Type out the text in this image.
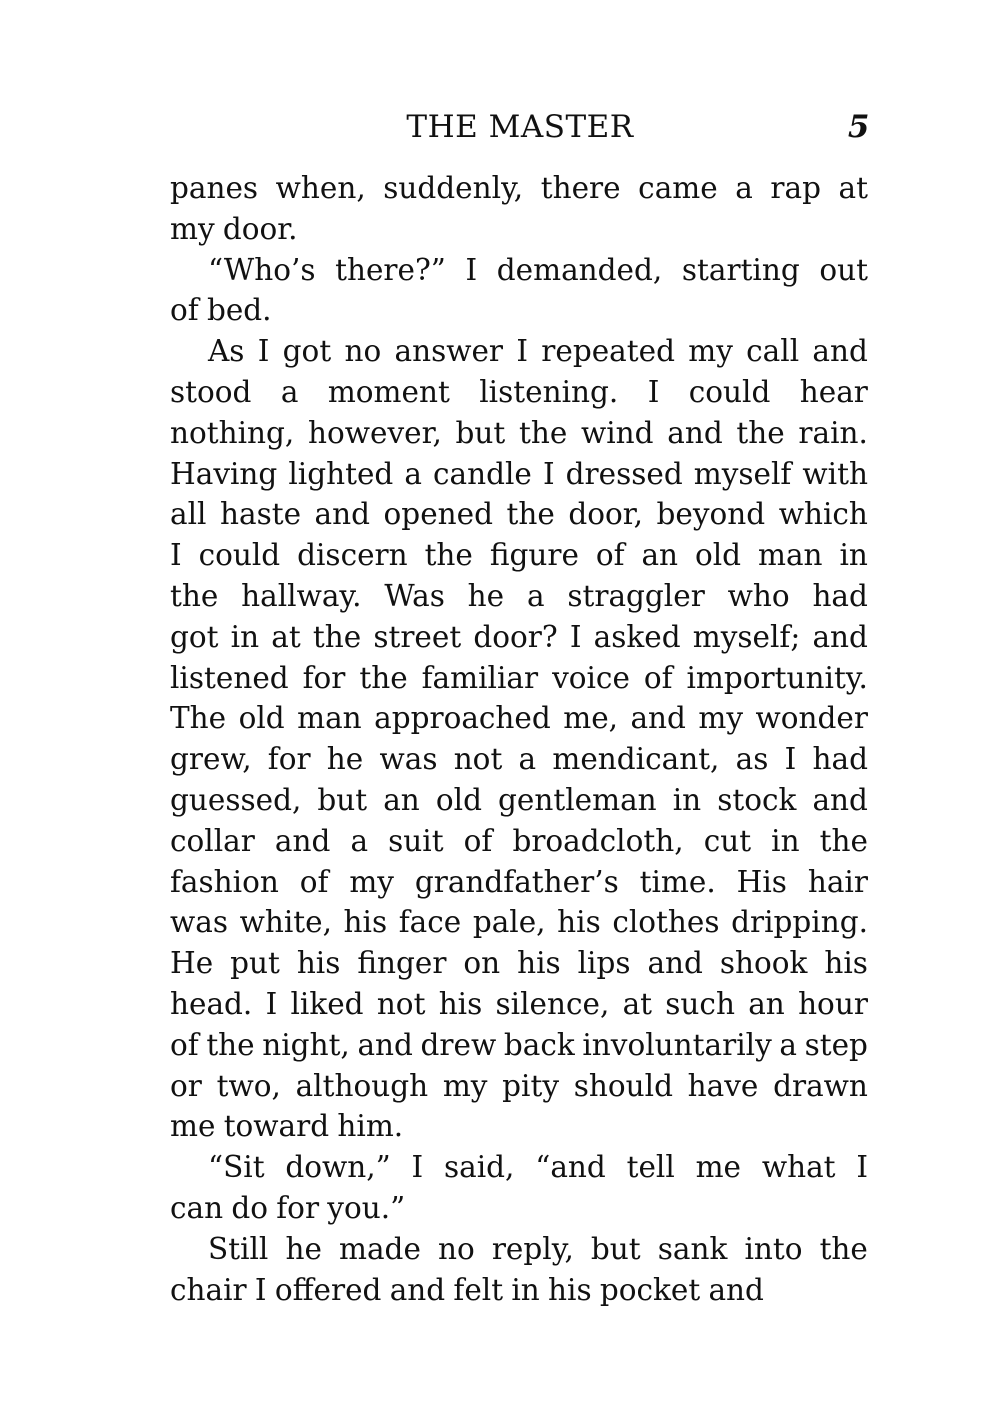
THE MASTER	5
panes when, suddenly, there came a rap at
my door.
“Who’s there?” I demanded, starting out
of bed.
As I got no answer I repeated my call and
stood a moment listening. I could hear
nothing, however, but the wind and the rain.
Having lighted a candle I dressed myself with
all haste and opened the door, beyond which
I could discern the figure of an old man in
the hallway. Was he a straggler who had
got in at the street door? I asked myself; and
listened for the familiar voice of importunity.
The old man approached me, and my wonder
grew, for he was not a mendicant, as I had
guessed, but an old gentleman in stock and
collar and a suit of broadcloth, cut in the
fashion of my grandfather’s time. His hair
was white, his face pale, his clothes dripping.
He put his finger on his lips and shook his
head. I liked not his silence, at such an hour
of the night, and drew back involuntarily a step
or two, although my pity should have drawn
me toward him.
“Sit down,” I said, “and tell me what I
can do for you.”
Still he made no reply, but sank into the
chair I offered and felt in his pocket and
